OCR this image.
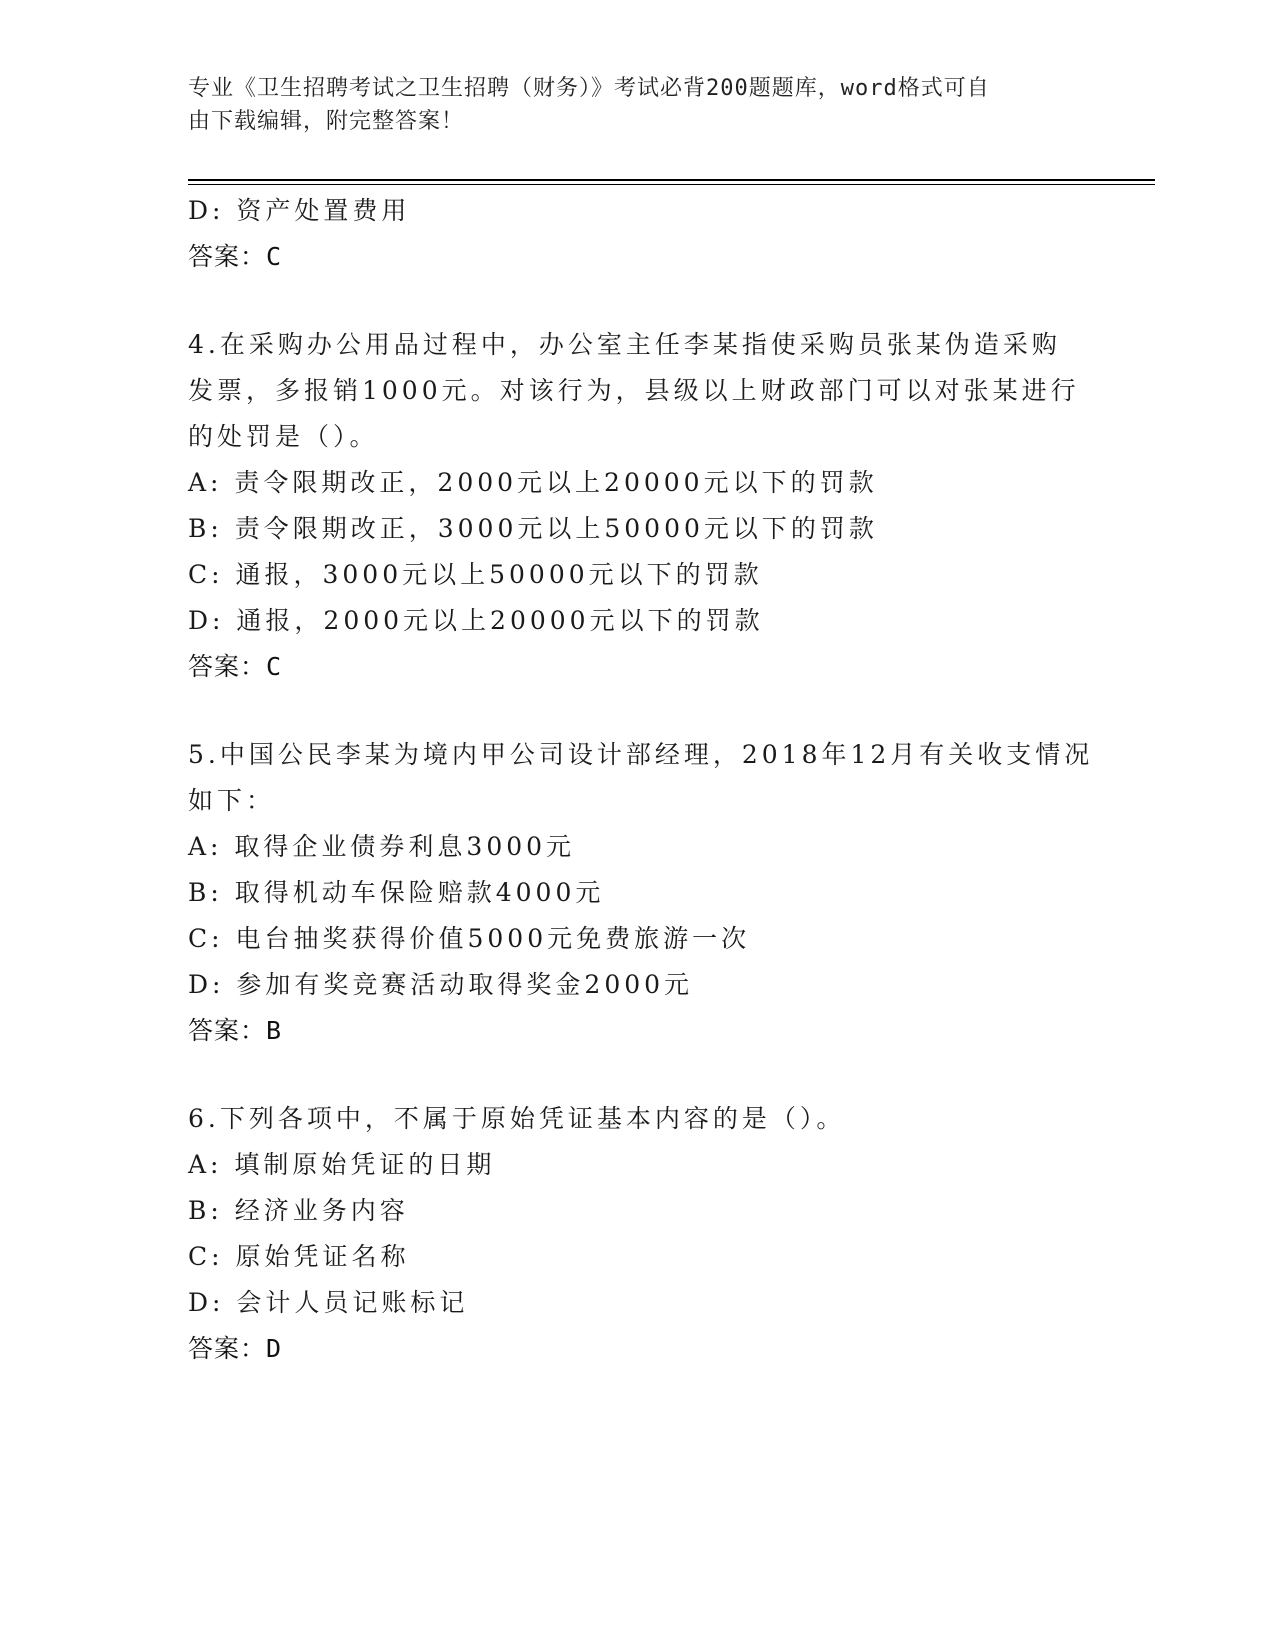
专业《卫生招聘考试之卫生招聘（财务）》考试必背200题题库，word格式可自
由下载编辑，附完整答案！
D: 资产处置费用
答案：C
4.在采购办公用品过程中，办公室主任李某指使采购员张某伪造采购
发票，多报销1000元。对该行为，县级以上财政部门可以对张某进行
的处罚是（）。
A: 责令限期改正，2000元以上20000元以下的罚款
B: 责令限期改正，3000元以上50000元以下的罚款
C: 通报，3000元以上50000元以下的罚款
D: 通报，2000元以上20000元以下的罚款
答案：C
5.中国公民李某为境内甲公司设计部经理，2018年12月有关收支情况
如下：
A: 取得企业债券利息3000元
B: 取得机动车保险赔款4000元
C: 电台抽奖获得价值5000元免费旅游一次
D: 参加有奖竞赛活动取得奖金2000元
答案：B
6.下列各项中，不属于原始凭证基本内容的是（）。
A: 填制原始凭证的日期
B: 经济业务内容
C: 原始凭证名称
D: 会计人员记账标记
答案：D
